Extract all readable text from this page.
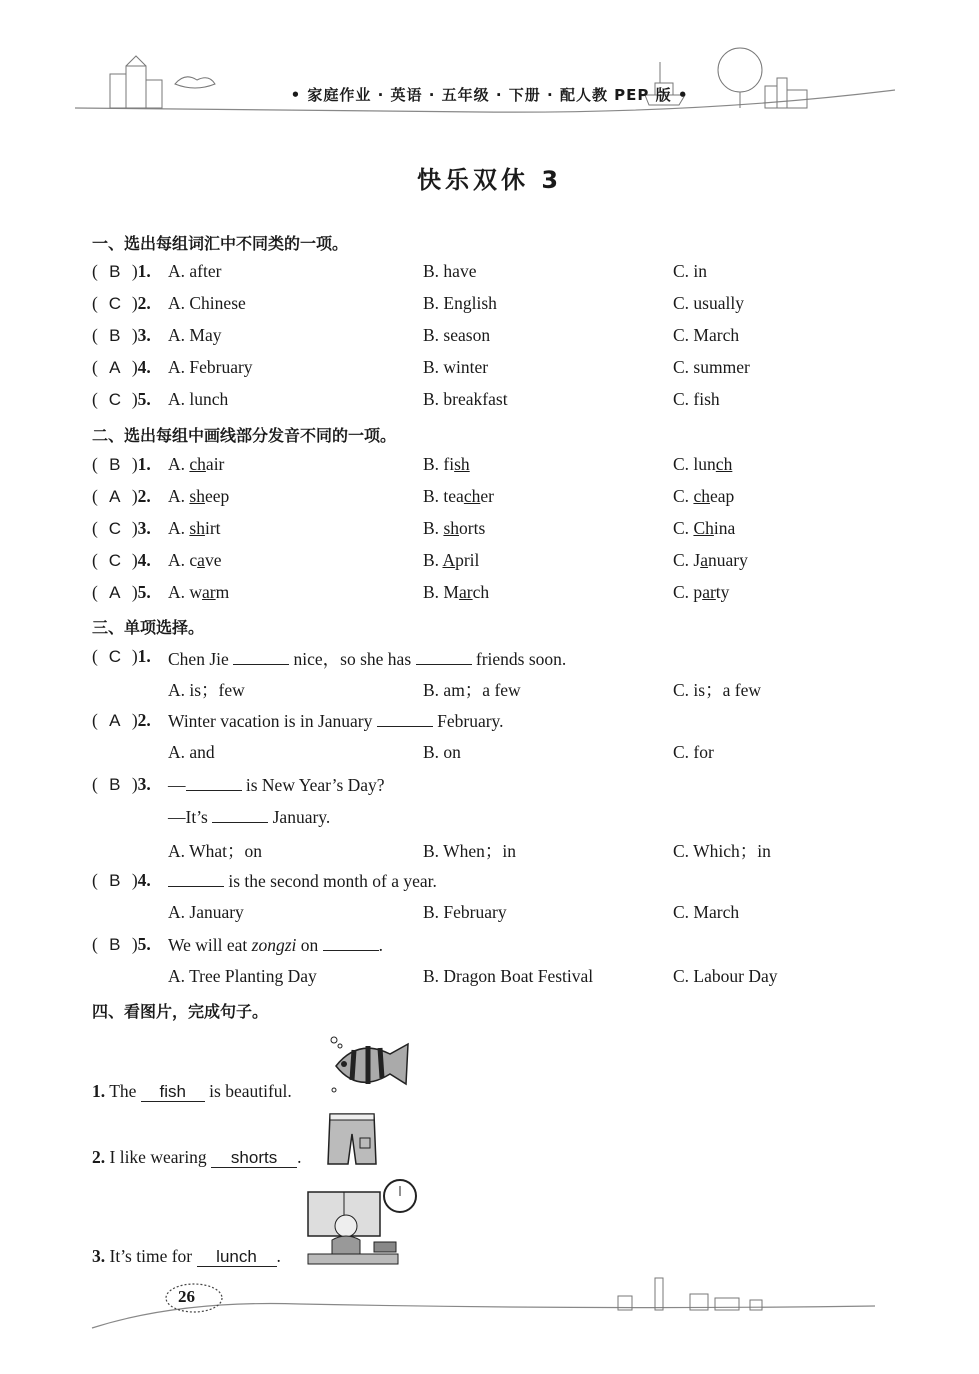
• 家庭作业 · 英语 · 五年级 · 下册 · 配人教 PEP 版 •
快乐双休 3
一、选出每组词汇中不同类的一项。
( B )1. A. after	B. have	C. in
( C )2. A. Chinese	B. English	C. usually
( B )3. A. May	B. season	C. March
( A )4. A. February	B. winter	C. summer
( C )5. A. lunch	B. breakfast	C. fish
二、选出每组中画线部分发音不同的一项。
( B )1. A. chair	B. fish	C. lunch
( A )2. A. sheep	B. teacher	C. cheap
( C )3. A. shirt	B. shorts	C. China
( C )4. A. cave	B. April	C. January
( A )5. A. warm	B. March	C. party
三、单项选择。
( C )1. Chen Jie	nice，so she has	friends soon.
A. is；few	B. am；a few	C. is；a few
( A )2. Winter vacation is in January	February.
A. and	B. on	C. for
( B )3. —	is New Year’s Day?
—It’s	January.
A. What；on	B. When；in	C. Which；in
( B )4.	is the second month of a year.
A. January	B. February	C. March
( B )5. We will eat zongzi on	.
A. Tree Planting Day	B. Dragon Boat Festival	C. Labour Day
四、看图片，完成句子。
1. The fish is beautiful.
2. I like wearing shorts .
3. It’s time for lunch .
26
